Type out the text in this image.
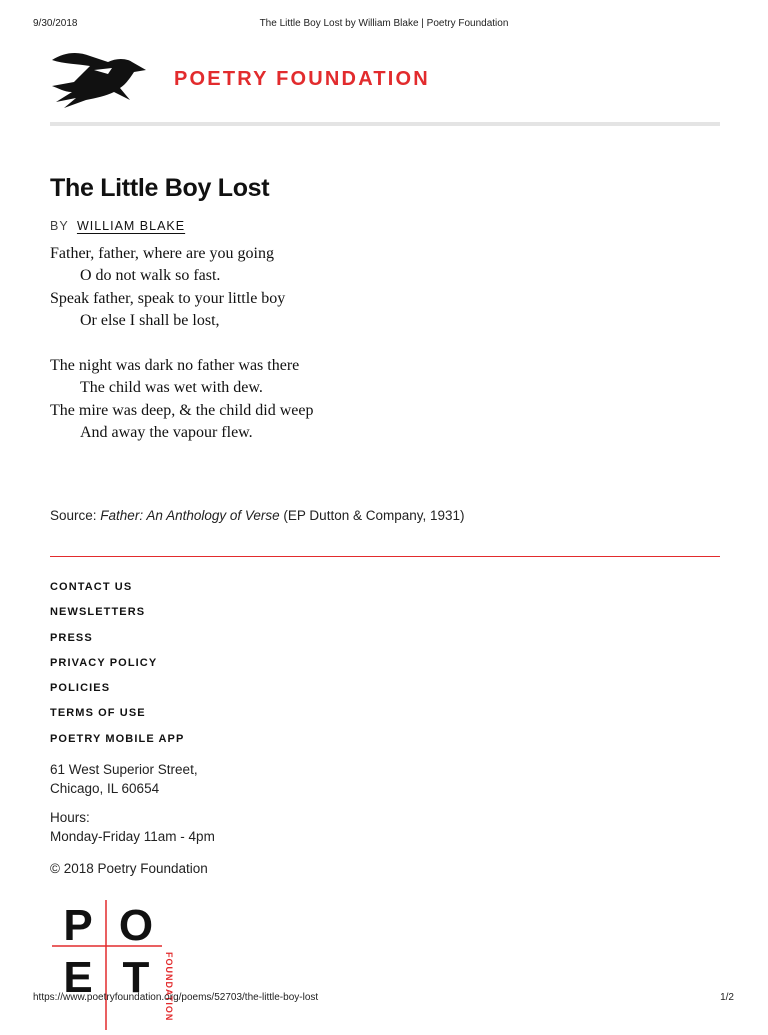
9/30/2018	The Little Boy Lost by William Blake | Poetry Foundation
POETRY FOUNDATION
The Little Boy Lost
BY WILLIAM BLAKE
Father, father, where are you going
O do not walk so fast.
Speak father, speak to your little boy
Or else I shall be lost,
The night was dark no father was there
The child was wet with dew.
The mire was deep, & the child did weep
And away the vapour flew.
Source: Father: An Anthology of Verse (EP Dutton & Company, 1931)
CONTACT US
NEWSLETTERS
PRESS
PRIVACY POLICY
POLICIES
TERMS OF USE
POETRY MOBILE APP
61 West Superior Street,
Chicago, IL 60654
Hours:
Monday-Friday 11am - 4pm
© 2018 Poetry Foundation
P O
E T FOUNDATION
https://www.poetryfoundation.org/poems/52703/the-little-boy-lost	1/2
